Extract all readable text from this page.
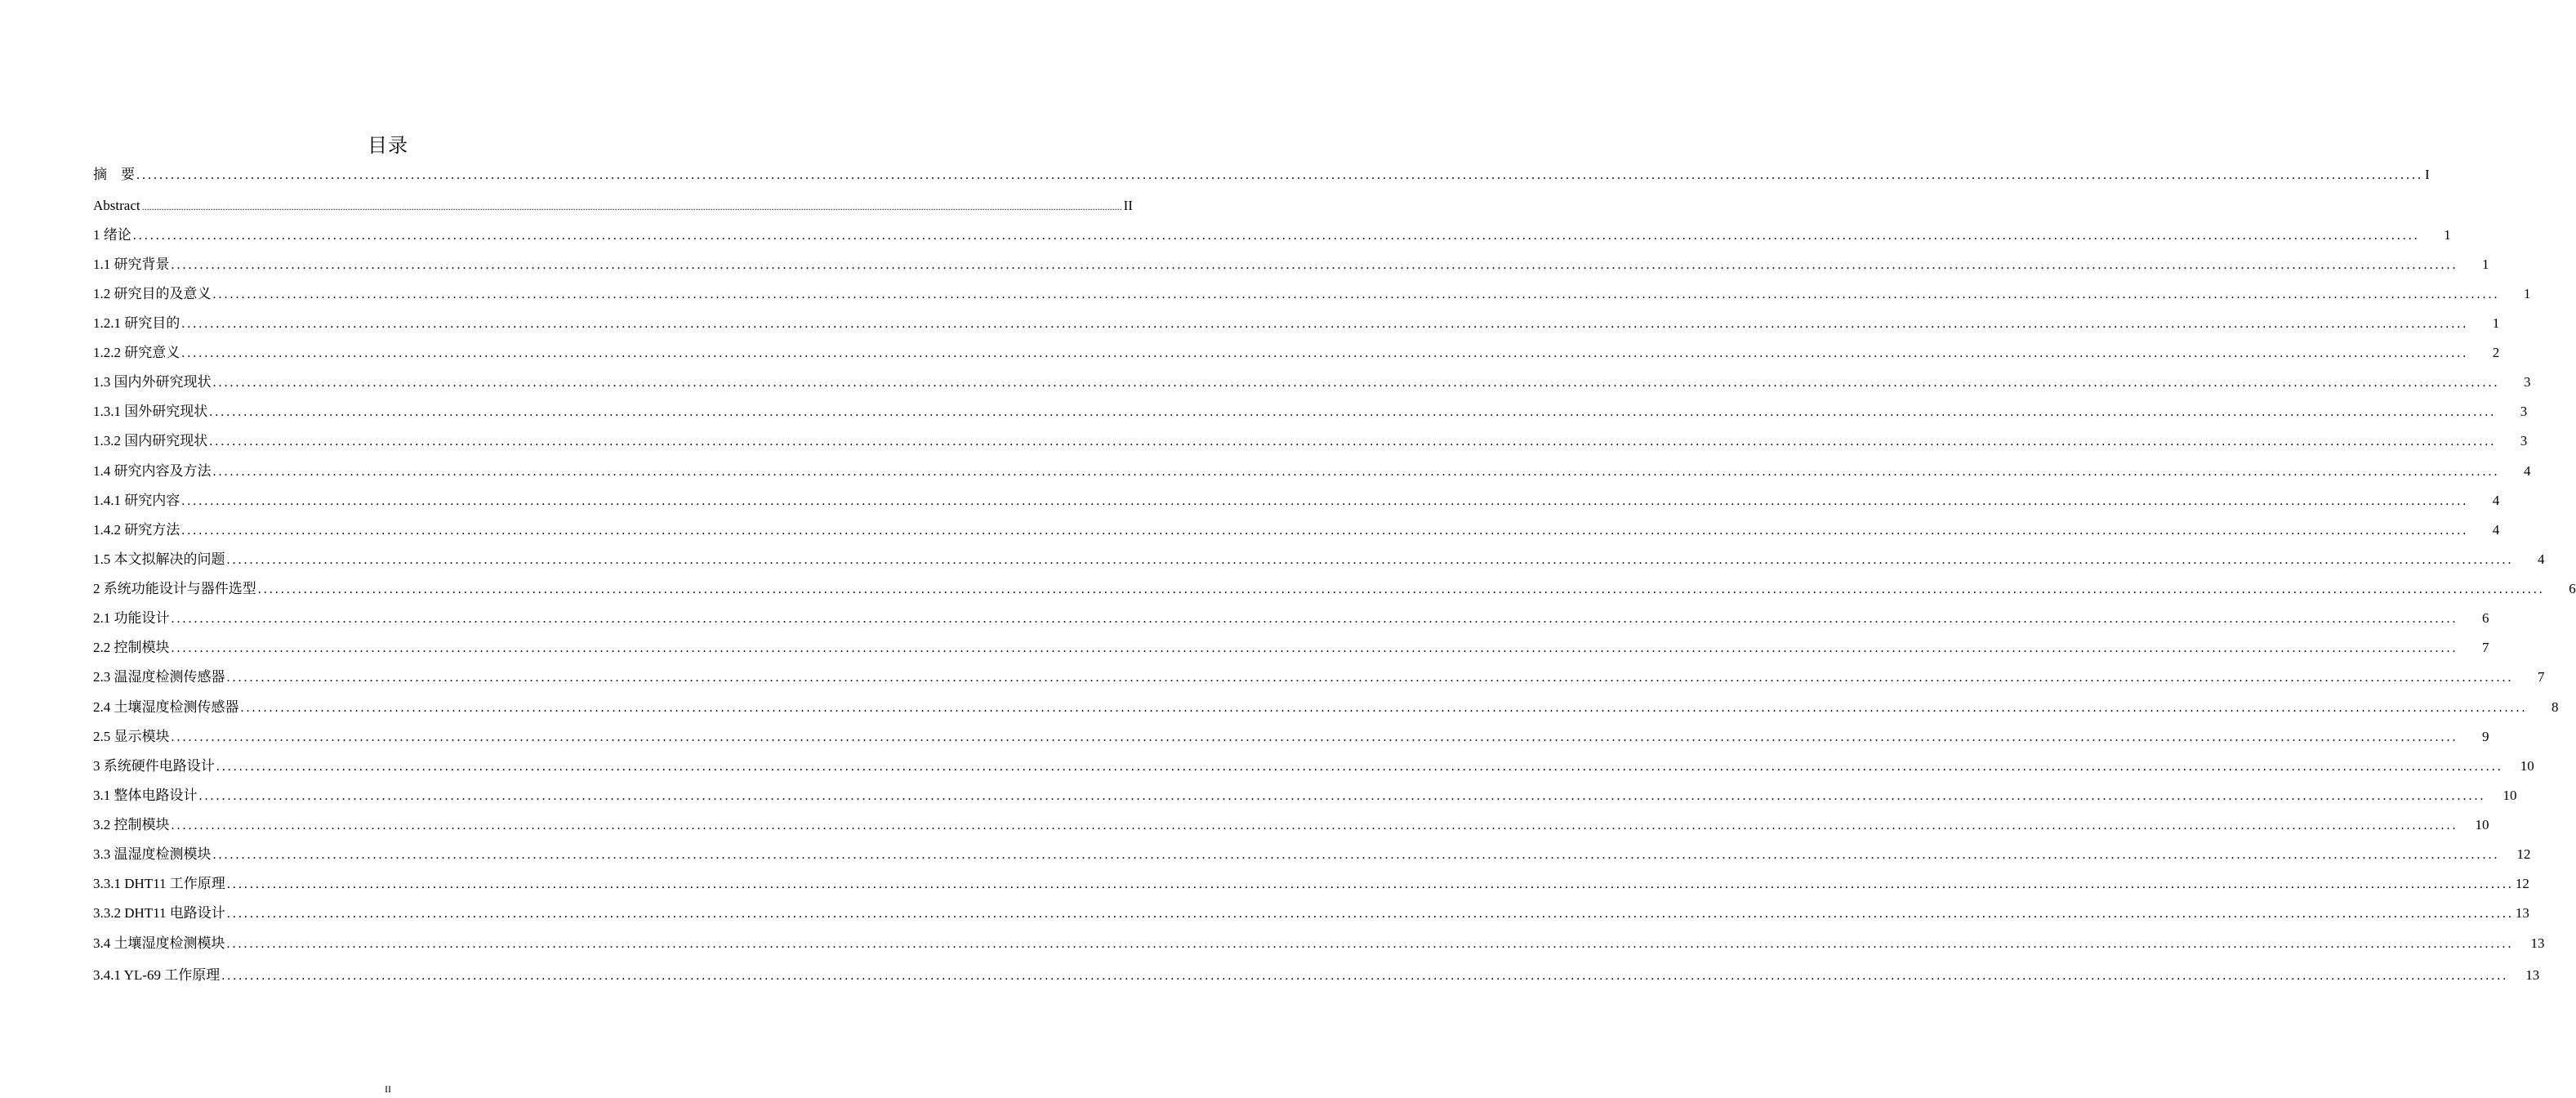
目录
摘　要 ................................................................................................................................................................................................................................................................................................................................................................................................................ I
Abstract ................................................................................................................................................................................................................................................................................................................................................................................................................ II
1 绪论 ................................................................................................................................................................................................................................................................................................................................................................................................................	1
1.1 研究背景 ................................................................................................................................................................................................................................................................................................................................................................................................................	1
1.2 研究目的及意义 ................................................................................................................................................................................................................................................................................................................................................................................................................	1
1.2.1 研究目的 ................................................................................................................................................................................................................................................................................................................................................................................................................	1
1.2.2 研究意义 ................................................................................................................................................................................................................................................................................................................................................................................................................	2
1.3 国内外研究现状 ................................................................................................................................................................................................................................................................................................................................................................................................................	3
1.3.1 国外研究现状 ................................................................................................................................................................................................................................................................................................................................................................................................................	3
1.3.2 国内研究现状 ................................................................................................................................................................................................................................................................................................................................................................................................................	3
1.4 研究内容及方法 ................................................................................................................................................................................................................................................................................................................................................................................................................	4
1.4.1 研究内容 ................................................................................................................................................................................................................................................................................................................................................................................................................	4
1.4.2 研究方法 ................................................................................................................................................................................................................................................................................................................................................................................................................	4
1.5 本文拟解决的问题 ................................................................................................................................................................................................................................................................................................................................................................................................................	4
2 系统功能设计与器件选型 ................................................................................................................................................................................................................................................................................................................................................................................................................	6
2.1 功能设计 ................................................................................................................................................................................................................................................................................................................................................................................................................	6
2.2 控制模块 ................................................................................................................................................................................................................................................................................................................................................................................................................	7
2.3 温湿度检测传感器 ................................................................................................................................................................................................................................................................................................................................................................................................................	7
2.4 土壤湿度检测传感器 ................................................................................................................................................................................................................................................................................................................................................................................................................	8
2.5 显示模块 ................................................................................................................................................................................................................................................................................................................................................................................................................	9
3 系统硬件电路设计 ................................................................................................................................................................................................................................................................................................................................................................................................................	10
3.1 整体电路设计 ................................................................................................................................................................................................................................................................................................................................................................................................................	10
3.2 控制模块 ................................................................................................................................................................................................................................................................................................................................................................................................................	10
3.3 温湿度检测模块 ................................................................................................................................................................................................................................................................................................................................................................................................................	12
3.3.1 DHT11 工作原理 ................................................................................................................................................................................................................................................................................................................................................................................................................ 12
3.3.2 DHT11 电路设计 ................................................................................................................................................................................................................................................................................................................................................................................................................ 13
3.4 土壤湿度检测模块 ................................................................................................................................................................................................................................................................................................................................................................................................................	13
3.4.1 YL-69 工作原理 ................................................................................................................................................................................................................................................................................................................................................................................................................	13
II
